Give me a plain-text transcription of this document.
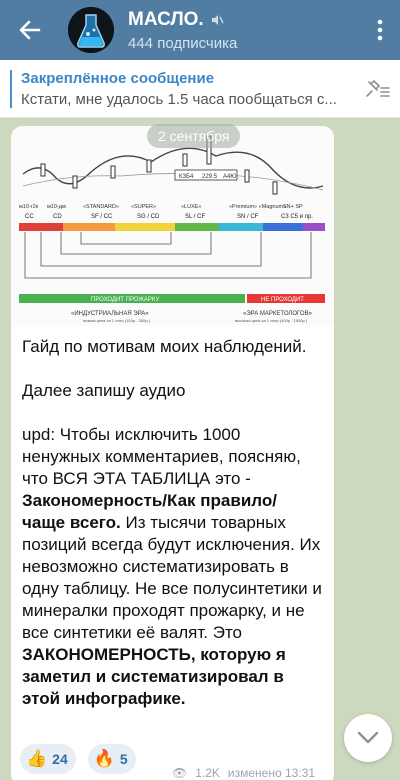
МАСЛО.
444 подписчика
Закреплённое сообщение
Кстати, мне удалось 1.5 часа пообщаться с...
КЗБ4 229.5 А4Ю
м10-г2к м10-дм	«STANDARD» «SUPER»	«LUXE»	«Premium» «Magnum»
SN+ SP
CC	CD	SF / CC	SG / CD	SL / CF	SN / CF	C3 C5 и пр.
ПРОХОДИТ ПРОЖАРКУ	НЕ ПРОХОДИТ
«ИНДУСТРИАЛЬНАЯ ЭРА»	«ЭРА МАРКЕТОЛОГОВ»
низкая цена за 1 литр (100р - 350р.)	высокая цена за 1 литр (400р - 1500р.)
2 сентября
Гайд по мотивам моих наблюдений.

Далее запишу аудио

upd: Чтобы исключить 1000 ненужных комментариев, поясняю, что ВСЯ ЭТА ТАБЛИЦА это - Закономерность/Как правило/ чаще всего. Из тысячи товарных позиций всегда будут исключения. Их невозможно систематизировать в одну таблицу. Не все полусинтетики и минералки проходят прожарку, и не все синтетики её валят. Это ЗАКОНОМЕРНОСТЬ, которую я заметил и систематизировал в этой инфографике.
👍 24 🔥 5
👁 1.2K изменено 13:31
